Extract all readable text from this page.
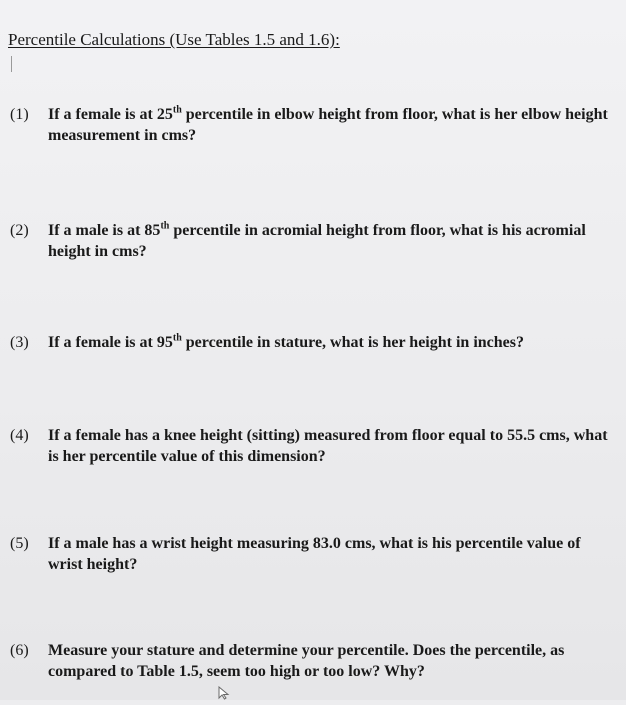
Percentile Calculations (Use Tables 1.5 and 1.6):
(1) If a female is at 25th percentile in elbow height from floor, what is her elbow height measurement in cms?
(2) If a male is at 85th percentile in acromial height from floor, what is his acromial height in cms?
(3) If a female is at 95th percentile in stature, what is her height in inches?
(4) If a female has a knee height (sitting) measured from floor equal to 55.5 cms, what is her percentile value of this dimension?
(5) If a male has a wrist height measuring 83.0 cms, what is his percentile value of wrist height?
(6) Measure your stature and determine your percentile. Does the percentile, as compared to Table 1.5, seem too high or too low? Why?
